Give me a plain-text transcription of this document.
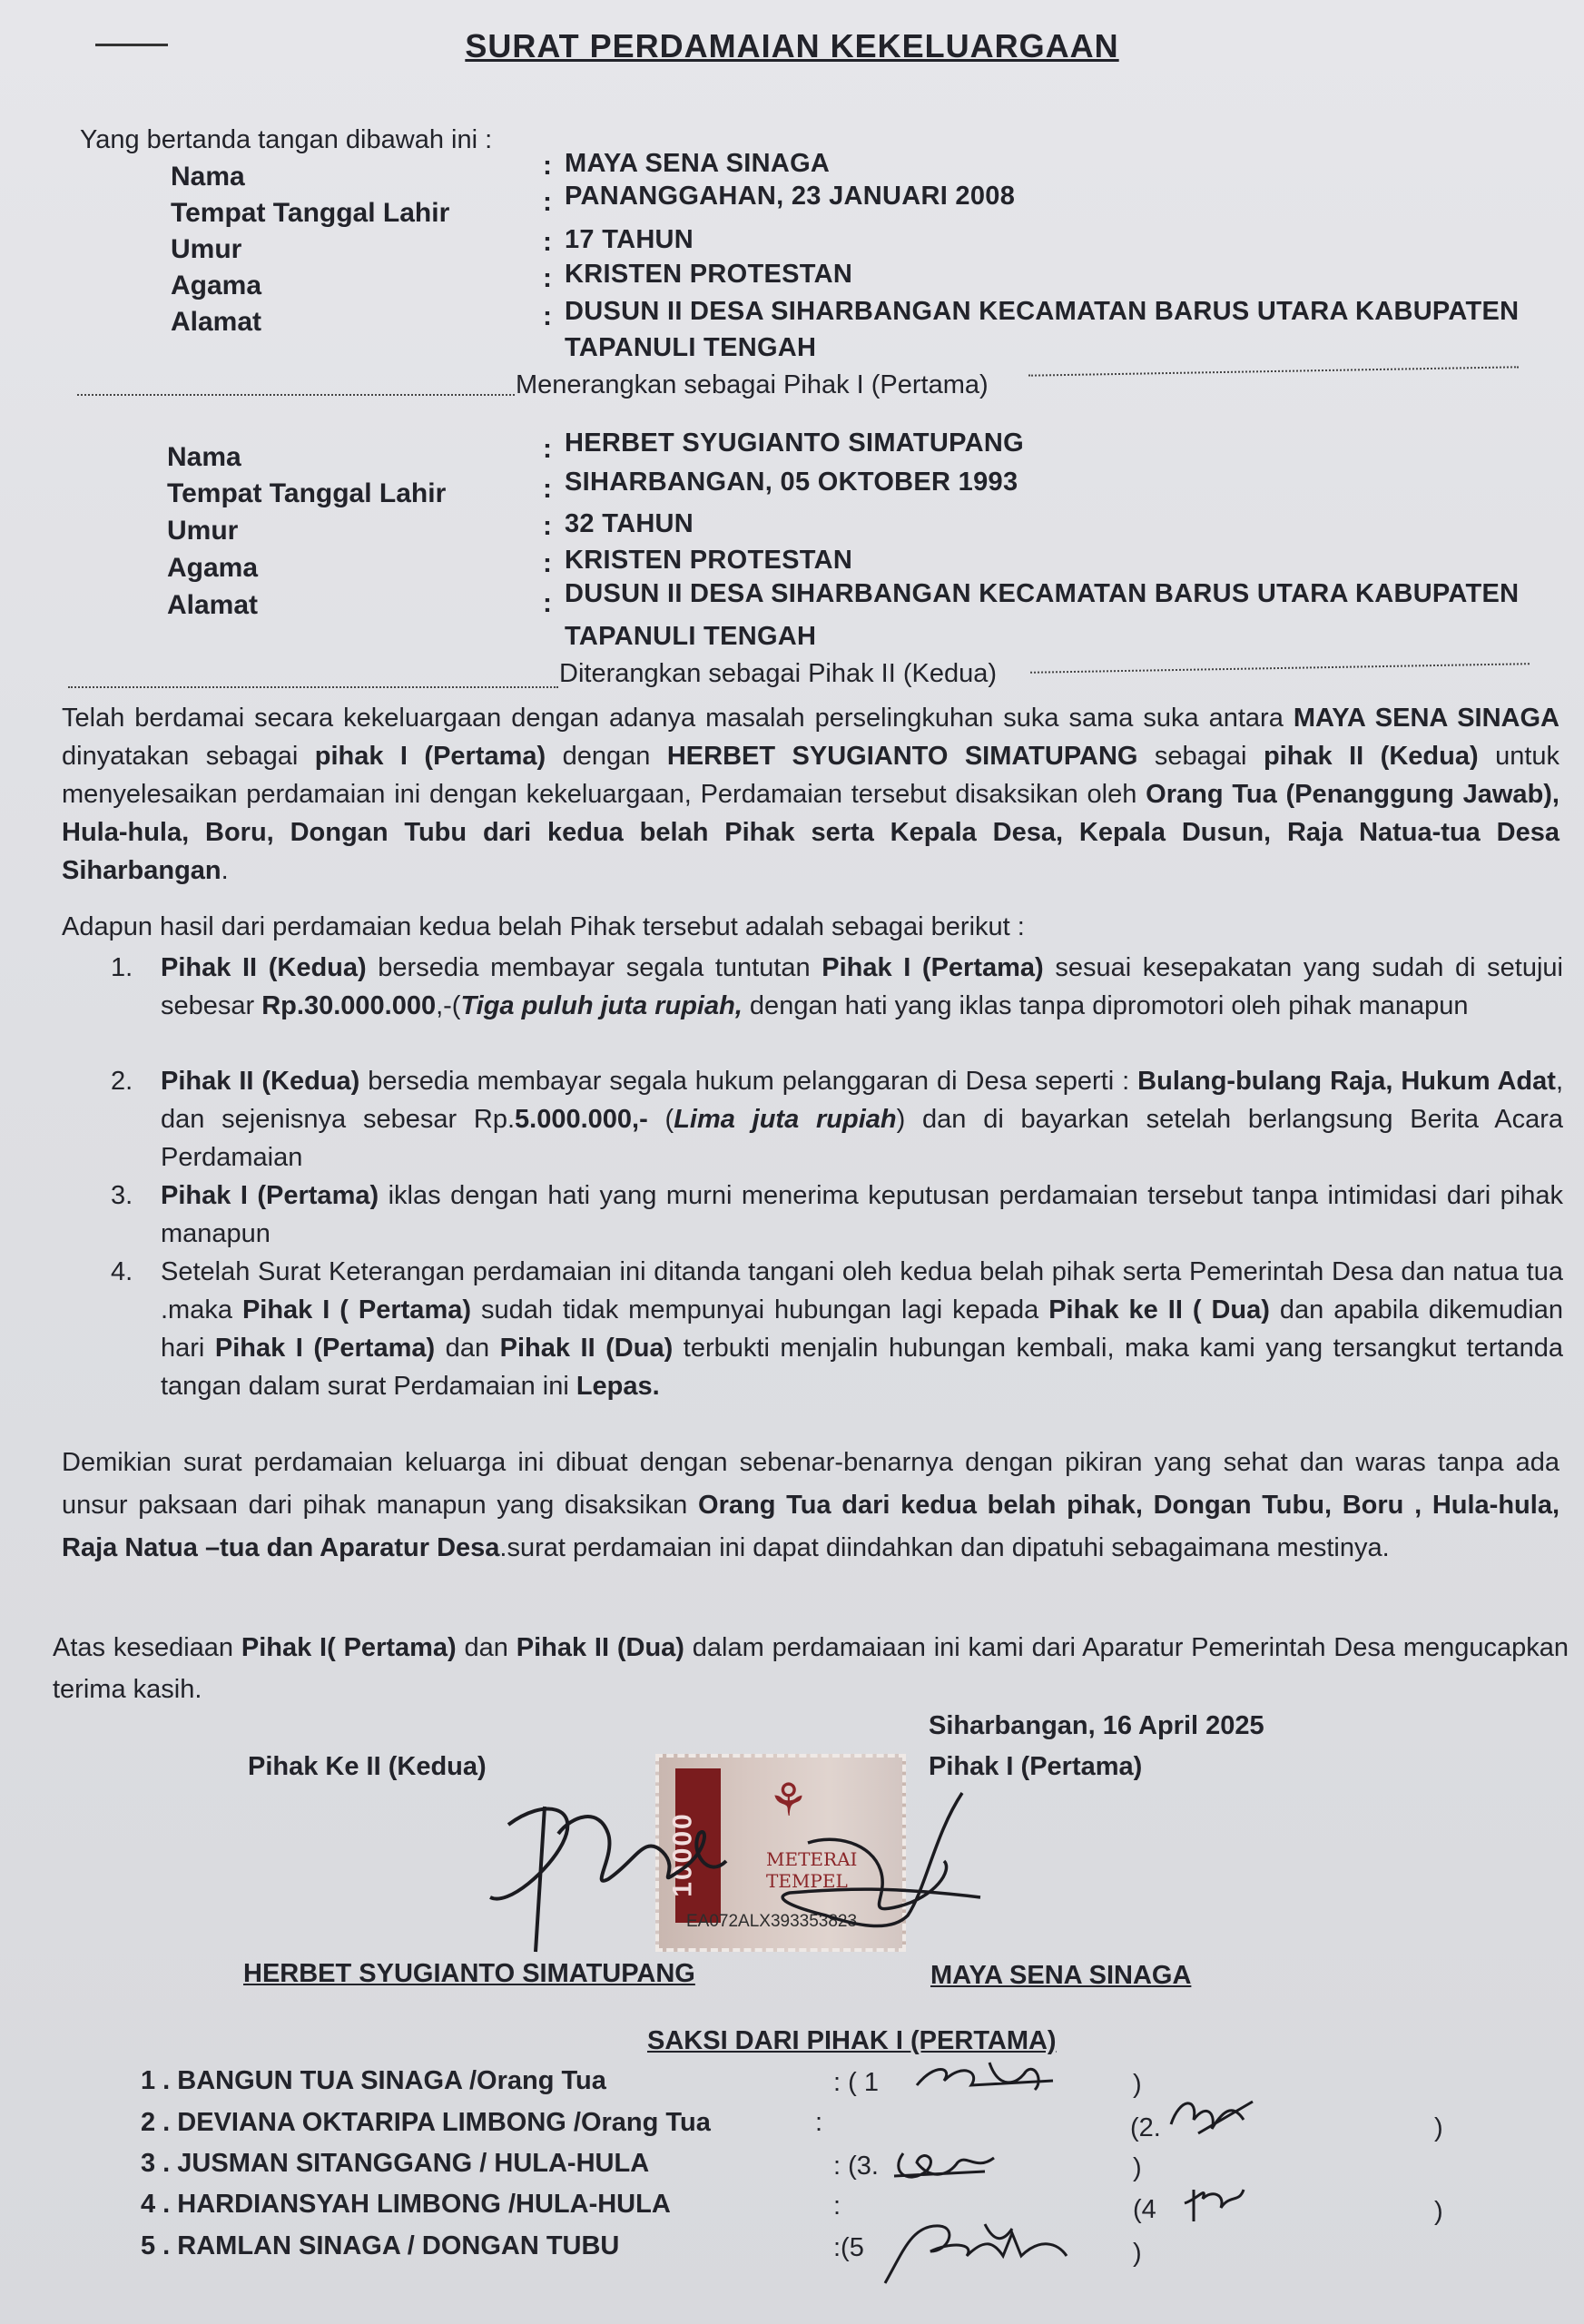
SURAT PERDAMAIAN KEKELUARGAAN
Yang bertanda tangan dibawah ini :
Nama	: MAYA SENA SINAGA
Tempat Tanggal Lahir	: PANANGGAHAN, 23 JANUARI 2008
Umur	: 17 TAHUN
Agama	: KRISTEN PROTESTAN
Alamat	: DUSUN II DESA SIHARBANGAN KECAMATAN BARUS UTARA KABUPATEN
TAPANULI TENGAH
Menerangkan sebagai Pihak I (Pertama)
Nama	: HERBET SYUGIANTO SIMATUPANG
Tempat Tanggal Lahir	: SIHARBANGAN, 05 OKTOBER 1993
Umur	: 32 TAHUN
Agama	: KRISTEN PROTESTAN
Alamat	: DUSUN II DESA SIHARBANGAN KECAMATAN BARUS UTARA KABUPATEN
TAPANULI TENGAH
Diterangkan sebagai Pihak II (Kedua)
Telah berdamai secara kekeluargaan dengan adanya masalah perselingkuhan suka sama suka antara MAYA SENA SINAGA dinyatakan sebagai pihak I (Pertama) dengan HERBET SYUGIANTO SIMATUPANG sebagai pihak II (Kedua) untuk menyelesaikan perdamaian ini dengan kekeluargaan, Perdamaian tersebut disaksikan oleh Orang Tua (Penanggung Jawab), Hula-hula, Boru, Dongan Tubu dari kedua belah Pihak serta Kepala Desa, Kepala Dusun, Raja Natua-tua Desa Siharbangan.
Adapun hasil dari perdamaian kedua belah Pihak tersebut adalah sebagai berikut :
1. Pihak II (Kedua) bersedia membayar segala tuntutan Pihak I (Pertama) sesuai kesepakatan yang sudah di setujui sebesar Rp.30.000.000,-(Tiga puluh juta rupiah, dengan hati yang iklas tanpa dipromotori oleh pihak manapun
2. Pihak II (Kedua) bersedia membayar segala hukum pelanggaran di Desa seperti : Bulang-bulang Raja, Hukum Adat, dan sejenisnya sebesar Rp.5.000.000,- (Lima juta rupiah) dan di bayarkan setelah berlangsung Berita Acara Perdamaian
3. Pihak I (Pertama) iklas dengan hati yang murni menerima keputusan perdamaian tersebut tanpa intimidasi dari pihak manapun
4. Setelah Surat Keterangan perdamaian ini ditanda tangani oleh kedua belah pihak serta Pemerintah Desa dan natua tua .maka Pihak I ( Pertama) sudah tidak mempunyai hubungan lagi kepada Pihak ke II ( Dua) dan apabila dikemudian hari Pihak I (Pertama) dan Pihak II (Dua) terbukti menjalin hubungan kembali, maka kami yang tersangkut tertanda tangan dalam surat Perdamaian ini Lepas.
Demikian surat perdamaian keluarga ini dibuat dengan sebenar-benarnya dengan pikiran yang sehat dan waras tanpa ada unsur paksaan dari pihak manapun yang disaksikan Orang Tua dari kedua belah pihak, Dongan Tubu, Boru , Hula-hula, Raja Natua –tua dan Aparatur Desa.surat perdamaian ini dapat diindahkan dan dipatuhi sebagaimana mestinya.
Atas kesediaan Pihak I( Pertama) dan Pihak II (Dua) dalam perdamaiaan ini kami dari Aparatur Pemerintah Desa mengucapkan terima kasih.
Siharbangan, 16 April 2025
Pihak Ke II (Kedua)	Pihak I (Pertama)
10000
⚘
METERAI TEMPEL
EA072ALX393353823
HERBET SYUGIANTO SIMATUPANG	MAYA SENA SINAGA
SAKSI DARI PIHAK I (PERTAMA)
1 . BANGUN TUA SINAGA /Orang Tua	: ( 1	)
2 . DEVIANA OKTARIPA LIMBONG /Orang Tua	:	(2.	)
3 . JUSMAN SITANGGANG / HULA-HULA	: (3.	)
4 . HARDIANSYAH LIMBONG /HULA-HULA	:	(4	)
5 . RAMLAN SINAGA / DONGAN TUBU	:(5	)
